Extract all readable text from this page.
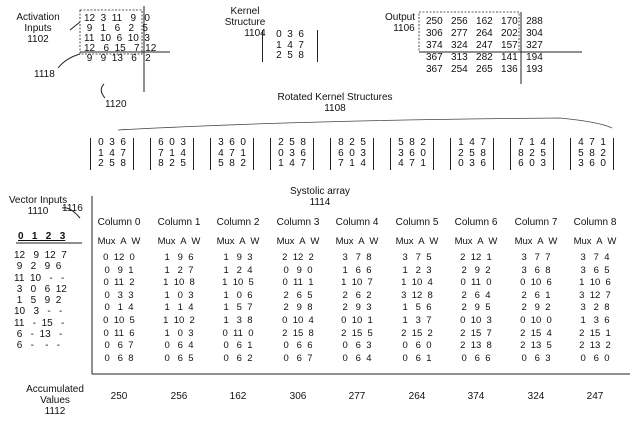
Activation
Inputs
1102
1118
1120
12  3  11   9   0
9   1   6   2   5
11  10  6  10  3
12   6  15   7  12
9   9  13   6   2
Kernel
Structure
1104	0  3  6
1  4  7
2  5  8
Output
1106
250   256   162   170   288
306   277   264   202   304
374   324   247   157   327
367   313   282   141   194
367   254   265   136   193
Rotated Kernel Structures
1108
0  3  6
1  4  7
2  5  8
6  0  3
7  1  4
8  2  5
3  6  0
4  7  1
5  8  2
2  5  8
0  3  6
1  4  7
8  2  5
6  0  3
7  1  4
5  8  2
3  6  0
4  7  1
1  4  7
2  5  8
0  3  6
7  1  4
8  2  5
6  0  3
4  7  1
5  8  2
3  6  0
Systolic array
1114
1116
Vector Inputs
1110
0   1   2   3
12   9  12  7
9   2   9  6
11  10   -   -
3   0   6  12
1   5   9  2
10   3   -   -
11   -  15   -
6   -  13   -
6   -    -   -
Column 0
Mux  A  W
0  12  0
0   9  1
0  11  2
0   3  3
0   1  4
0  10  5
0  11  6
0   6  7
0   6  8
250
Column 1
Mux  A  W
1   9  6
1   2  7
1  10  8
1   0  3
1   1  4
1  10  2
1   0  3
0   6  4
0   6  5
256
Column 2
Mux  A  W
1   9  3
1   2  4
1  10  5
1   0  6
1   5  7
1   3  8
0  11  0
0   6  1
0   6  2
162
Column 3
Mux  A  W
2  12  2
0   9  0
0  11  1
2   6  5
2   9  8
0  10  4
2  15  8
0   6  6
0   6  7
306
Column 4
Mux  A  W
3   7  8
1   6  6
1  10  7
2   6  2
2   9  3
0  10  1
2  15  5
0   6  3
0   6  4
277
Column 5
Mux  A  W
3   7  5
1   2  3
1  10  4
3  12  8
1   5  6
1   3  7
2  15  2
0   6  0
0   6  1
264
Column 6
Mux  A  W
2  12  1
2   9  2
0  11  0
2   6  4
2   9  5
0  10  3
2  15  7
2  13  8
0   6  6
374
Column 7
Mux  A  W
3   7  7
3   6  8
0  10  6
2   6  1
2   9  2
0  10  0
2  15  4
2  13  5
0   6  3
324
Column 8
Mux  A  W
3   7  4
3   6  5
1  10  6
3  12  7
3   2  8
1   3  6
2  15  1
2  13  2
0   6  0
247
Accumulated
Values
1112
